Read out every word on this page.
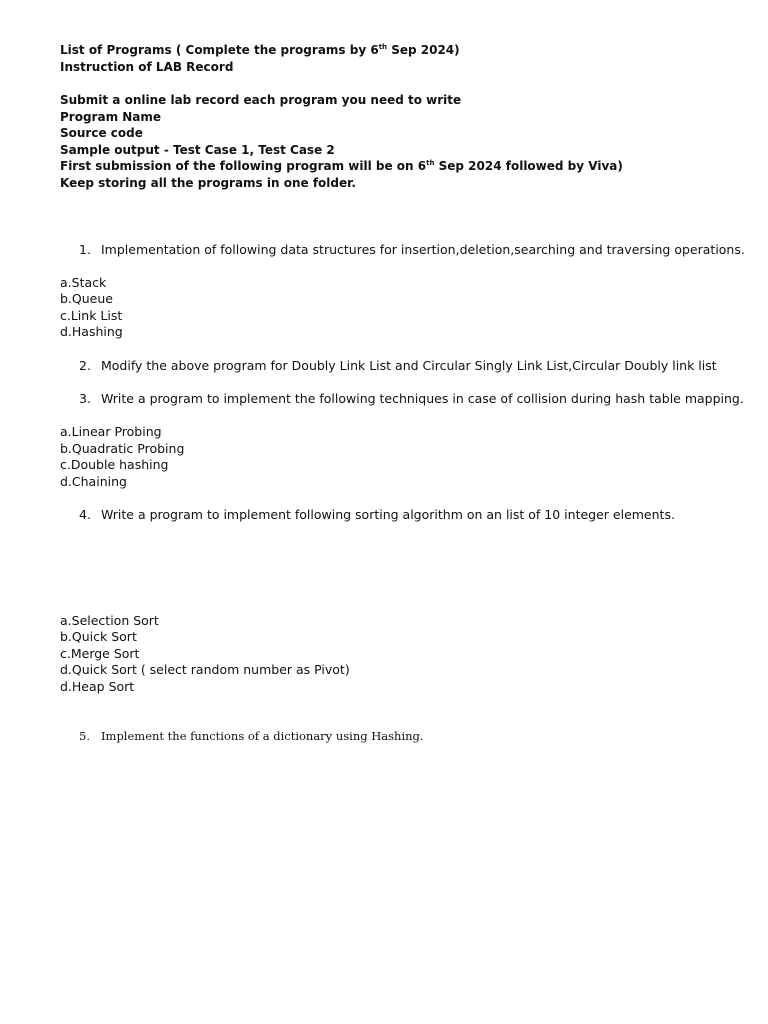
List of Programs ( Complete the programs by 6th Sep 2024)
Instruction of LAB Record
Submit a online lab record each program you need to write
Program Name
Source code
Sample output - Test Case 1, Test Case 2
First submission of the following program will be on 6th Sep 2024 followed by Viva)
Keep storing all the programs in one folder.
1. Implementation of following data structures for insertion,deletion,searching and traversing operations.
a.Stack
b.Queue
c.Link List
d.Hashing
2. Modify the above program for Doubly Link List and Circular Singly Link List,Circular Doubly link list
3. Write a program to implement the following techniques in case of collision during hash table mapping.
a.Linear Probing
b.Quadratic Probing
c.Double hashing
d.Chaining
4. Write a program to implement following sorting algorithm on an list of 10 integer elements.
a.Selection Sort
b.Quick Sort
c.Merge Sort
d.Quick Sort ( select random number as Pivot)
d.Heap Sort
5. Implement the functions of a dictionary using Hashing.
